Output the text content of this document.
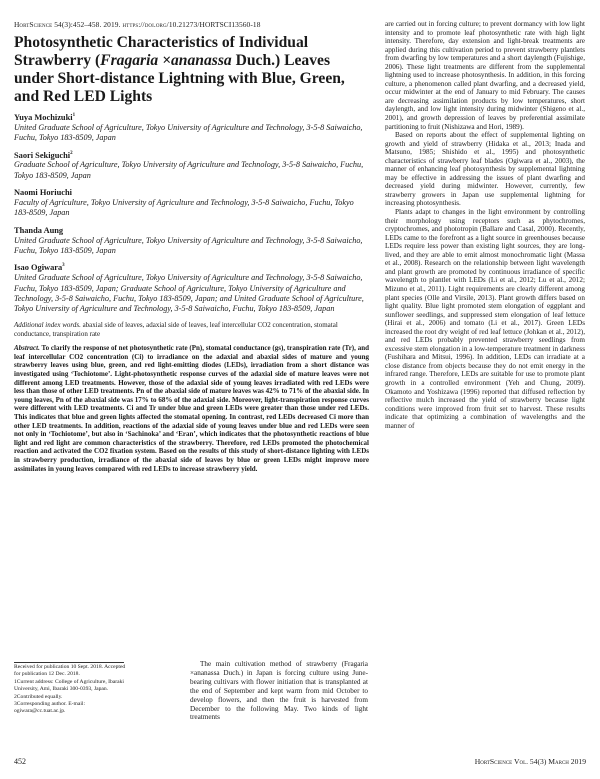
HortScience 54(3):452–458. 2019. https://doi.org/10.21273/HORTSCI13560-18
Photosynthetic Characteristics of Individual Strawberry (Fragaria ×ananassa Duch.) Leaves under Short-distance Lightning with Blue, Green, and Red LED Lights
Yuya Mochizuki$^1$

United Graduate School of Agriculture, Tokyo University of Agriculture and Technology, 3-5-8 Saiwaicho, Fuchu, Tokyo 183-8509, Japan

Saori Sekiguchi$^2$

Graduate School of Agriculture, Tokyo University of Agriculture and Technology, 3-5-8 Saiwaicho, Fuchu, Tokyo 183-8509, Japan

Naomi Horiuchi

Faculty of Agriculture, Tokyo University of Agriculture and Technology, 3-5-8 Saiwaicho, Fuchu, Tokyo 183-8509, Japan

Thanda Aung

United Graduate School of Agriculture, Tokyo University of Agriculture and Technology, 3-5-8 Saiwaicho, Fuchu, Tokyo 183-8509, Japan

Isao Ogiwara$^3$

United Graduate School of Agriculture, Tokyo University of Agriculture and Technology, 3-5-8 Saiwaicho, Fuchu, Tokyo 183-8509, Japan; Graduate School of Agriculture, Tokyo University of Agriculture and Technology, 3-5-8 Saiwaicho, Fuchu, Tokyo 183-8509, Japan; and United Graduate School of Agriculture, Tokyo University of Agriculture and Technology, 3-5-8 Saiwaicho, Fuchu, Tokyo 183-8509, Japan

Additional index words. abaxial side of leaves, adaxial side of leaves, leaf intercellular CO2 concentration, stomatal conductance, transpiration rate
Abstract. To clarify the response of net photosynthetic rate (Pn), stomatal conductance (gs), transpiration rate (Tr), and leaf intercellular CO2 concentration (Ci) to irradiance on the adaxial and abaxial sides of mature and young strawberry leaves using blue, green, and red light-emitting diodes (LEDs), irradiation from a short distance was investigated using ‘Tochiotome’. Light-photosynthetic response curves of the adaxial side of mature leaves were not different among LED treatments. However, those of the adaxial side of young leaves irradiated with red LEDs were less than those of other LED treatments. Pn of the abaxial side of mature leaves was 42% to 71% of the abaxial side. In young leaves, Pn of the abaxial side was 17% to 68% of the adaxial side. Moreover, light-transpiration response curves were different with LED treatments. Ci and Tr under blue and green LEDs were greater than those under red LEDs. This indicates that blue and green lights affected the stomatal opening. In contrast, red LEDs decreased Ci more than other LED treatments. In addition, reactions of the adaxial side of young leaves under blue and red LEDs were seen not only in ‘Tochiotome’, but also in ‘Sachinoka’ and ‘Eran’, which indicates that the photosynthetic reactions of blue light and red light are common characteristics of the strawberry. Therefore, red LEDs promoted the photochemical reaction and activated the CO2 fixation system. Based on the results of this study of short-distance lighting with LEDs in strawberry production, irradiance of the abaxial side of leaves by blue or green LEDs might improve more assimilates in young leaves compared with red LEDs to increase strawberry yield.
Received for publication 10 Sept. 2018. Accepted for publication 12 Dec. 2018.
1Current address: College of Agriculture, Ibaraki University, Ami, Ibaraki 300-0393, Japan.
2Contributed equally.
3Corresponding author. E-mail: ogiwara@cc.tuat.ac.jp.

The main cultivation method of strawberry (Fragaria ×ananassa Duch.) in Japan is forcing culture using June-bearing cultivars with flower initiation that is transplanted at the end of September and kept warm from mid October to develop flowers, and then the fruit is harvested from December to the following May. Two kinds of light treatments

are carried out in forcing culture; to prevent dormancy with low light intensity and to promote leaf photosynthetic rate with high light intensity. Therefore, day extension and light-break treatments are applied during this cultivation period to prevent strawberry plantlets from dwarfing by low temperatures and a short daylength (Fujishige, 2006). These light treatments are different from the supplemental lightning used to increase photosynthesis. In addition, in this forcing culture, a phenomenon called plant dwarfing, and a decreased yield, occur midwinter at the end of January to mid February. The causes are decreasing assimilation products by low temperatures, short daylength, and low light intensity during midwinter (Shigeno et al., 2001), and growth depression of leaves by preferential assimilate partitioning to fruit (Nishizawa and Hori, 1989).

Based on reports about the effect of supplemental lighting on growth and yield of strawberry (Hidaka et al., 2013; Inada and Matsuno, 1985; Shishido et al., 1995) and photosynthetic characteristics of strawberry leaf blades (Ogiwara et al., 2003), the manner of enhancing leaf photosynthesis by supplemental lightning may be effective in addressing the issues of plant dwarfing and decreased yield during midwinter. However, currently, few strawberry growers in Japan use supplemental lightning for increasing photosynthesis.

Plants adapt to changes in the light environment by controlling their morphology using receptors such as phytochromes, cryptochromes, and phototropin (Ballare and Casal, 2000). Recently, LEDs came to the forefront as a light source in greenhouses because LEDs require less power than existing light sources, they are long-lived, and they are able to emit almost monochromatic light (Massa et al., 2008). Research on the relationship between light wavelength and plant growth are promoted by continuous irradiance of specific wavelength to plantlet with LEDs (Li et al., 2012; Lu et al., 2012; Mizuno et al., 2011). Light requirements are clearly different among plant species (Olle and Virsile, 2013). Plant growth differs based on light quality. Blue light promoted stem elongation of eggplant and sunflower seedlings, and suppressed stem elongation of leaf lettuce (Hirai et al., 2006) and tomato (Li et al., 2017). Green LEDs increased the root dry weight of red leaf lettuce (Johkan et al., 2012), and red LEDs probably prevented strawberry seedlings from excessive stem elongation in a low-temperature treatment in darkness (Fushihara and Mitsui, 1996). In addition, LEDs can irradiate at a close distance from objects because they do not emit energy in the infrared range. Therefore, LEDs are suitable for use to promote plant growth in a controlled environment (Yeh and Chung, 2009). Okamoto and Yoshizawa (1996) reported that diffused reflection by reflective mulch increased the yield of strawberry because light conditions were improved from fruit set to harvest. These results indicate that optimizing a combination of wavelengths and the manner of

452	HortScience Vol. 54(3) March 2019
